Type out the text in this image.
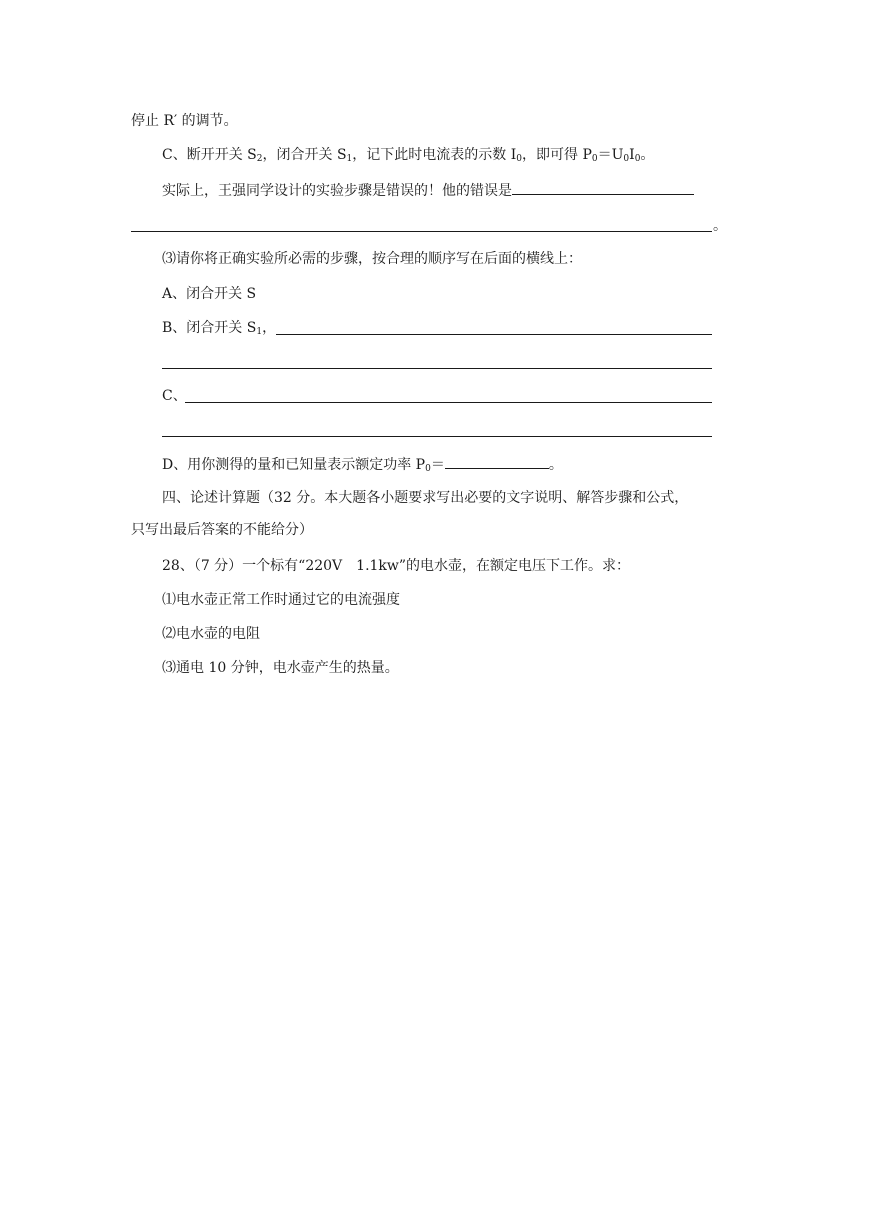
停止 R′ 的调节。
C、断开开关 $S_2$，闭合开关 $S_1$，记下此时电流表的示数 $I_0$，即可得 $P_0=U_0I_0$。
实际上，王强同学设计的实验步骤是错误的！他的错误是
。
⑶请你将正确实验所必需的步骤，按合理的顺序写在后面的横线上：
A、闭合开关 S
B、闭合开关 $S_1$，
C、
D、用你测得的量和已知量表示额定功率 $P_0=$	。
四、论述计算题（32 分。本大题各小题要求写出必要的文字说明、解答步骤和公式，
只写出最后答案的不能给分）
28、（7 分）一个标有“220V　1.1kw”的电水壶，在额定电压下工作。求：
⑴电水壶正常工作时通过它的电流强度
⑵电水壶的电阻
⑶通电 10 分钟，电水壶产生的热量。
